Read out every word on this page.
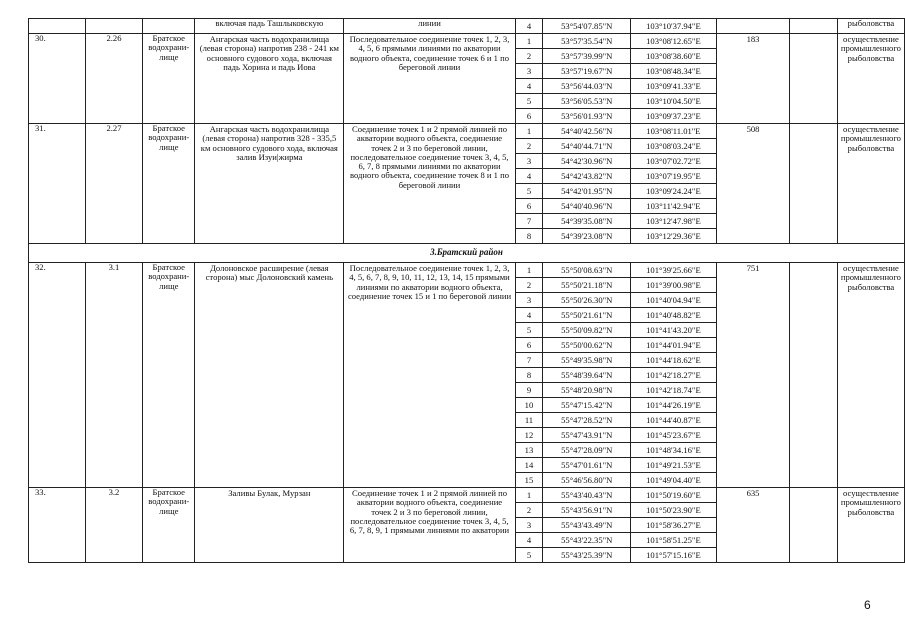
			включая падь Ташлыковскую	линии	4	53°54'07.85"N	103°10'37.94"E			рыболовства
30.	2.26	Братское водохрани-лище	Ангарская часть водохранилища (левая сторона) напротив 238 - 241 км основного судового хода, включая падь Хорина и падь Иова	Последовательное соединение точек 1, 2, 3, 4, 5, 6 прямыми линиями по акватории водного объекта, соединение точек 6 и 1 по береговой линии	1	53°57'35.54"N	103°08'12.65"E	183		осуществление промышленного рыболовства
					2	53°57'39.99"N	103°08'38.60"E			
					3	53°57'19.67"N	103°08'48.34"E			
					4	53°56'44.03"N	103°09'41.33"E			
					5	53°56'05.53"N	103°10'04.50"E			
					6	53°56'01.93"N	103°09'37.23"E			
31.	2.27	Братское водохрани-лище	Ангарская часть водохранилища (левая сторона) напротив 328 - 335,5 км основного судового хода, включая залив Изуи|жирма	Соединение точек 1 и 2 прямой линией по акватории водного объекта, соединение точек 2 и 3 по береговой линии, последовательное соединение точек 3, 4, 5, 6, 7, 8 прямыми линиями по акватории водного объекта, соединение точек 8 и 1 по береговой линии	1	54°40'42.56"N	103°08'11.01"E	508		осуществление промышленного рыболовства
					2	54°40'44.71"N	103°08'03.24"E			
					3	54°42'30.96"N	103°07'02.72"E			
					4	54°42'43.82"N	103°07'19.95"E			
					5	54°42'01.95"N	103°09'24.24"E			
					6	54°40'40.96"N	103°11'42.94"E			
					7	54°39'35.08"N	103°12'47.98"E			
					8	54°39'23.08"N	103°12'29.36"E			
3.Братский район										
32.	3.1	Братское водохрани-лище	Долоновское расширение (левая сторона) мыс Долоновский камень	Последовательное соединение точек 1, 2, 3, 4, 5, 6, 7, 8, 9, 10, 11, 12, 13, 14, 15 прямыми линиями по акватории водного объекта, соединение точек 15 и 1 по береговой линии	1	55°50'08.63"N	101°39'25.66"E	751		осуществление промышленного рыболовства
					2	55°50'21.18"N	101°39'00.98"E			
					3	55°50'26.30"N	101°40'04.94"E			
					4	55°50'21.61"N	101°40'48.82"E			
					5	55°50'09.82"N	101°41'43.20"E			
					6	55°50'00.62"N	101°44'01.94"E			
					7	55°49'35.98"N	101°44'18.62"E			
					8	55°48'39.64"N	101°42'18.27"E			
					9	55°48'20.98"N	101°42'18.74"E			
					10	55°47'15.42"N	101°44'26.19"E			
					11	55°47'28.52"N	101°44'40.87"E			
					12	55°47'43.91"N	101°45'23.67"E			
					13	55°47'28.09"N	101°48'34.16"E			
					14	55°47'01.61"N	101°49'21.53"E			
					15	55°46'56.80"N	101°49'04.40"E			
33.	3.2	Братское водохрани-лище	Заливы Булак, Мурзан	Соединение точек 1 и 2 прямой линией по акватории водного объекта, соединение точек 2 и 3 по береговой линии, последовательное соединение точек 3, 4, 5, 6, 7, 8, 9, 1 прямыми линиями по акватории	1	55°43'40.43"N	101°50'19.60"E	635		осуществление промышленного рыболовства
					2	55°43'56.91"N	101°50'23.90"E			
					3	55°43'43.49"N	101°58'36.27"E			
					4	55°43'22.35"N	101°58'51.25"E			
					5	55°43'25.39"N	101°57'15.16"E			
6
